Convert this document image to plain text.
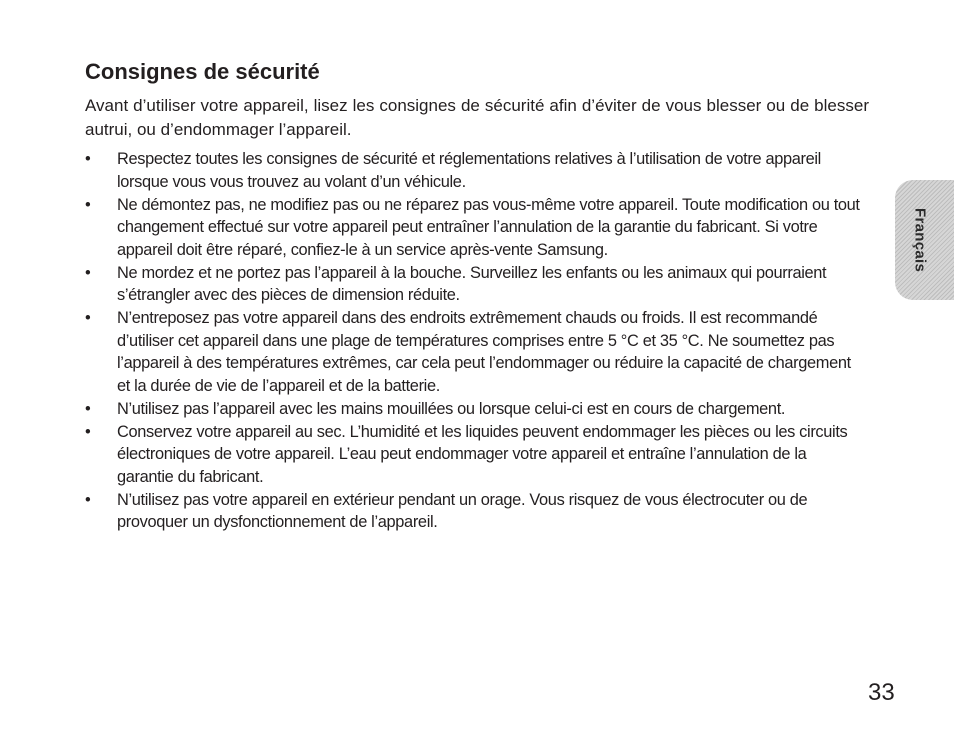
Consignes de sécurité

Avant d’utiliser votre appareil, lisez les consignes de sécurité afin d’éviter de vous blesser ou de blesser autrui, ou d’endommager l’appareil.

• Respectez toutes les consignes de sécurité et réglementations relatives à l’utilisation de votre appareil lorsque vous vous trouvez au volant d’un véhicule.
• Ne démontez pas, ne modifiez pas ou ne réparez pas vous-même votre appareil. Toute modification ou tout changement effectué sur votre appareil peut entraîner l’annulation de la garantie du fabricant. Si votre appareil doit être réparé, confiez-le à un service après-vente Samsung.
• Ne mordez et ne portez pas l’appareil à la bouche. Surveillez les enfants ou les animaux qui pourraient s’étrangler avec des pièces de dimension réduite.
• N’entreposez pas votre appareil dans des endroits extrêmement chauds ou froids. Il est recommandé d’utiliser cet appareil dans une plage de températures comprises entre 5 °C et 35 °C. Ne soumettez pas l’appareil à des températures extrêmes, car cela peut l’endommager ou réduire la capacité de chargement et la durée de vie de l’appareil et de la batterie.
• N’utilisez pas l’appareil avec les mains mouillées ou lorsque celui-ci est en cours de chargement.
• Conservez votre appareil au sec. L’humidité et les liquides peuvent endommager les pièces ou les circuits électroniques de votre appareil. L’eau peut endommager votre appareil et entraîne l’annulation de la garantie du fabricant.
• N’utilisez pas votre appareil en extérieur pendant un orage. Vous risquez de vous électrocuter ou de provoquer un dysfonctionnement de l’appareil.
Français
33
